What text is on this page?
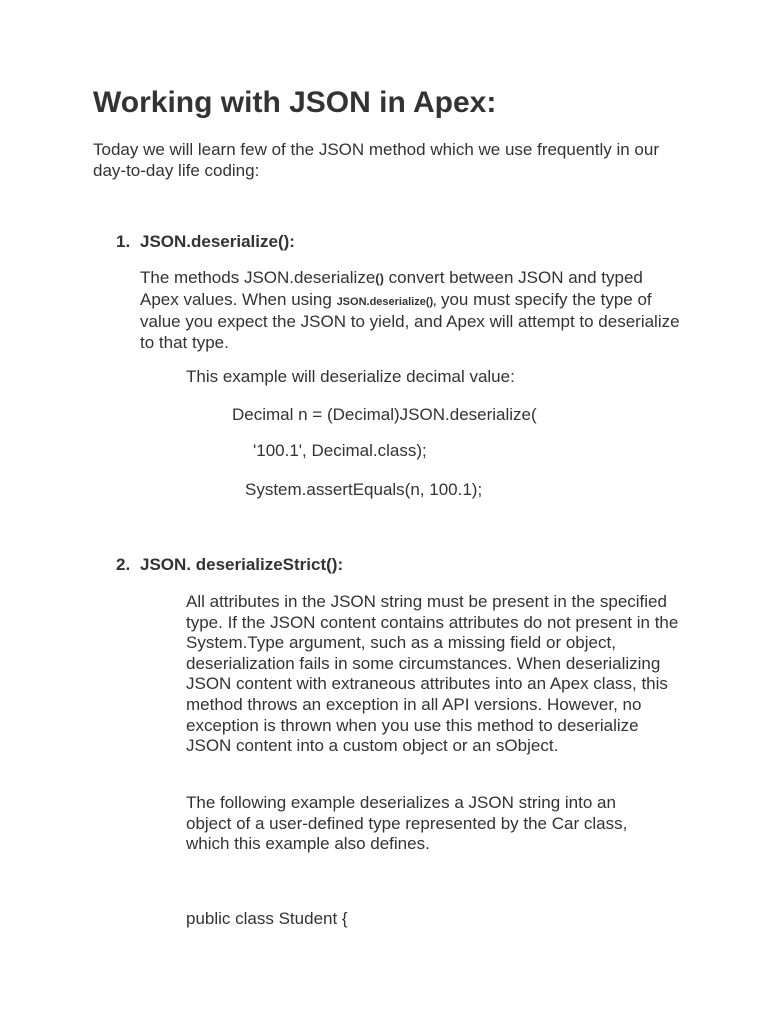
Working with JSON in Apex:

Today we will learn few of the JSON method which we use frequently in our day-to-day life coding:

1. JSON.deserialize():

The methods JSON.deserialize() convert between JSON and typed Apex values. When using JSON.deserialize(), you must specify the type of value you expect the JSON to yield, and Apex will attempt to deserialize to that type.

This example will deserialize decimal value:

Decimal n = (Decimal)JSON.deserialize(

'100.1', Decimal.class);

System.assertEquals(n, 100.1);

2. JSON. deserializeStrict():

All attributes in the JSON string must be present in the specified type. If the JSON content contains attributes do not present in the System.Type argument, such as a missing field or object, deserialization fails in some circumstances. When deserializing JSON content with extraneous attributes into an Apex class, this method throws an exception in all API versions. However, no exception is thrown when you use this method to deserialize JSON content into a custom object or an sObject.

The following example deserializes a JSON string into an object of a user-defined type represented by the Car class, which this example also defines.

public class Student {
